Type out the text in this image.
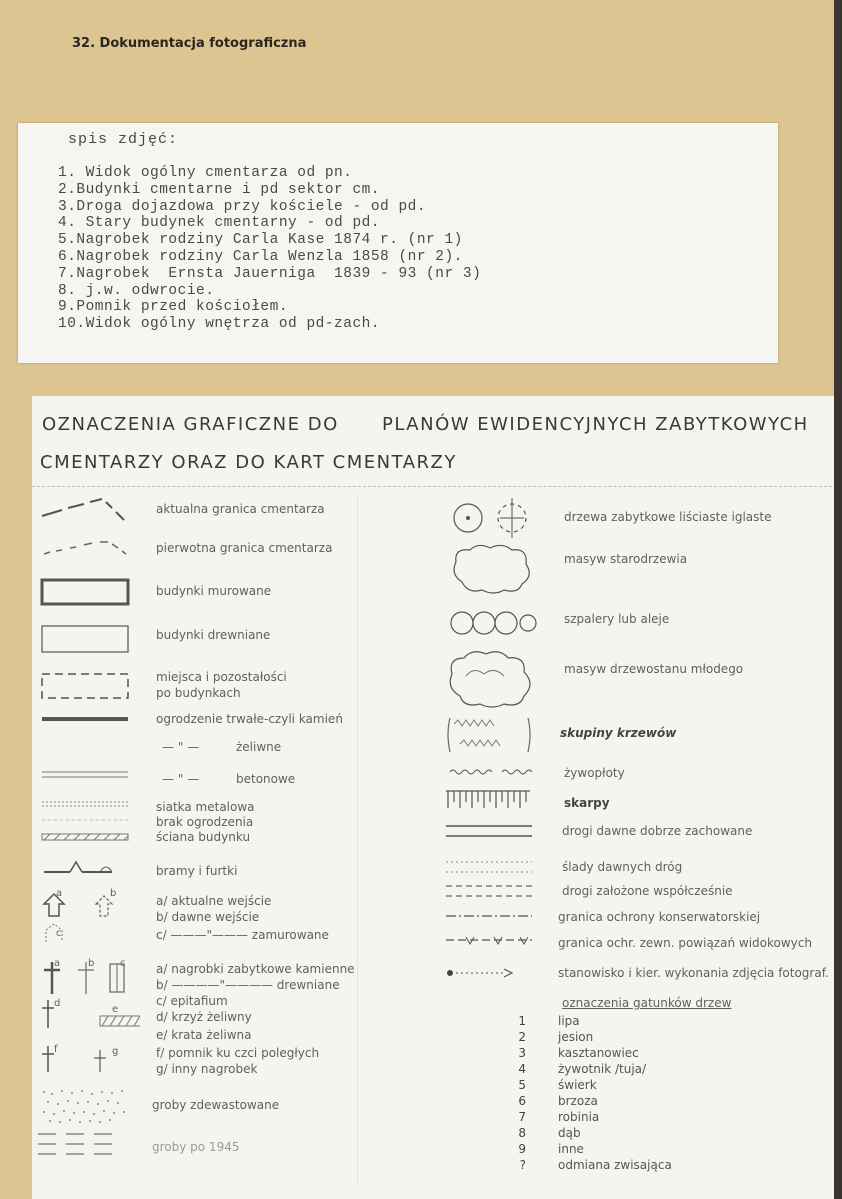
32. Dokumentacja fotograficzna
spis zdjęć:
1. Widok ogólny cmentarza od pn.
2.Budynki cmentarne i pd sektor cm.
3.Droga dojazdowa przy kościele - od pd.
4. Stary budynek cmentarny - od pd.
5.Nagrobek rodziny Carla Kase 1874 r. (nr 1)
6.Nagrobek rodziny Carla Wenzla 1858 (nr 2).
7.Nagrobek  Ernsta Jauerniga  1839 - 93 (nr 3)
8. j.w. odwrocie.
9.Pomnik przed kościołem.
10.Widok ogólny wnętrza od pd-zach.
OZNACZENIA GRAFICZNE DO PLANÓW EWIDENCYJNYCH ZABYTKOWYCH
CMENTARZY ORAZ DO KART CMENTARZY
aktualna granica cmentarza
pierwotna granica cmentarza
budynki murowane
budynki drewniane
miejsca i pozostałości
po budynkach
ogrodzenie trwałe-czyli kamień
— " —	żeliwne
— " —	betonowe
siatka metalowa
brak ogrodzenia
ściana budynku
bramy i furtki
a	b
c
a/ aktualne wejście
b/ dawne wejście
c/ ———"——— zamurowane
a	b	c
d
e
f	g
a/ nagrobki zabytkowe kamienne
b/ ————"———— drewniane
c/ epitafium
d/ krzyż żeliwny
e/ krata żeliwna
f/ pomnik ku czci poległych
g/ inny nagrobek
groby zdewastowane
groby po 1945
drzewa zabytkowe liściaste iglaste
masyw starodrzewia
szpalery lub aleje
masyw drzewostanu młodego
skupiny krzewów
żywopłoty
skarpy
drogi dawne dobrze zachowane
ślady dawnych dróg
drogi założone współcześnie
granica ochrony konserwatorskiej
granica ochr. zewn. powiązań widokowych
stanowisko i kier. wykonania zdjęcia fotograf.
oznaczenia gatunków drzew
1	lipa
2	jesion
3	kasztanowiec
4	żywotnik /tuja/
5	świerk
6	brzoza
7	robinia
8	dąb
9	inne
?	odmiana zwisająca
